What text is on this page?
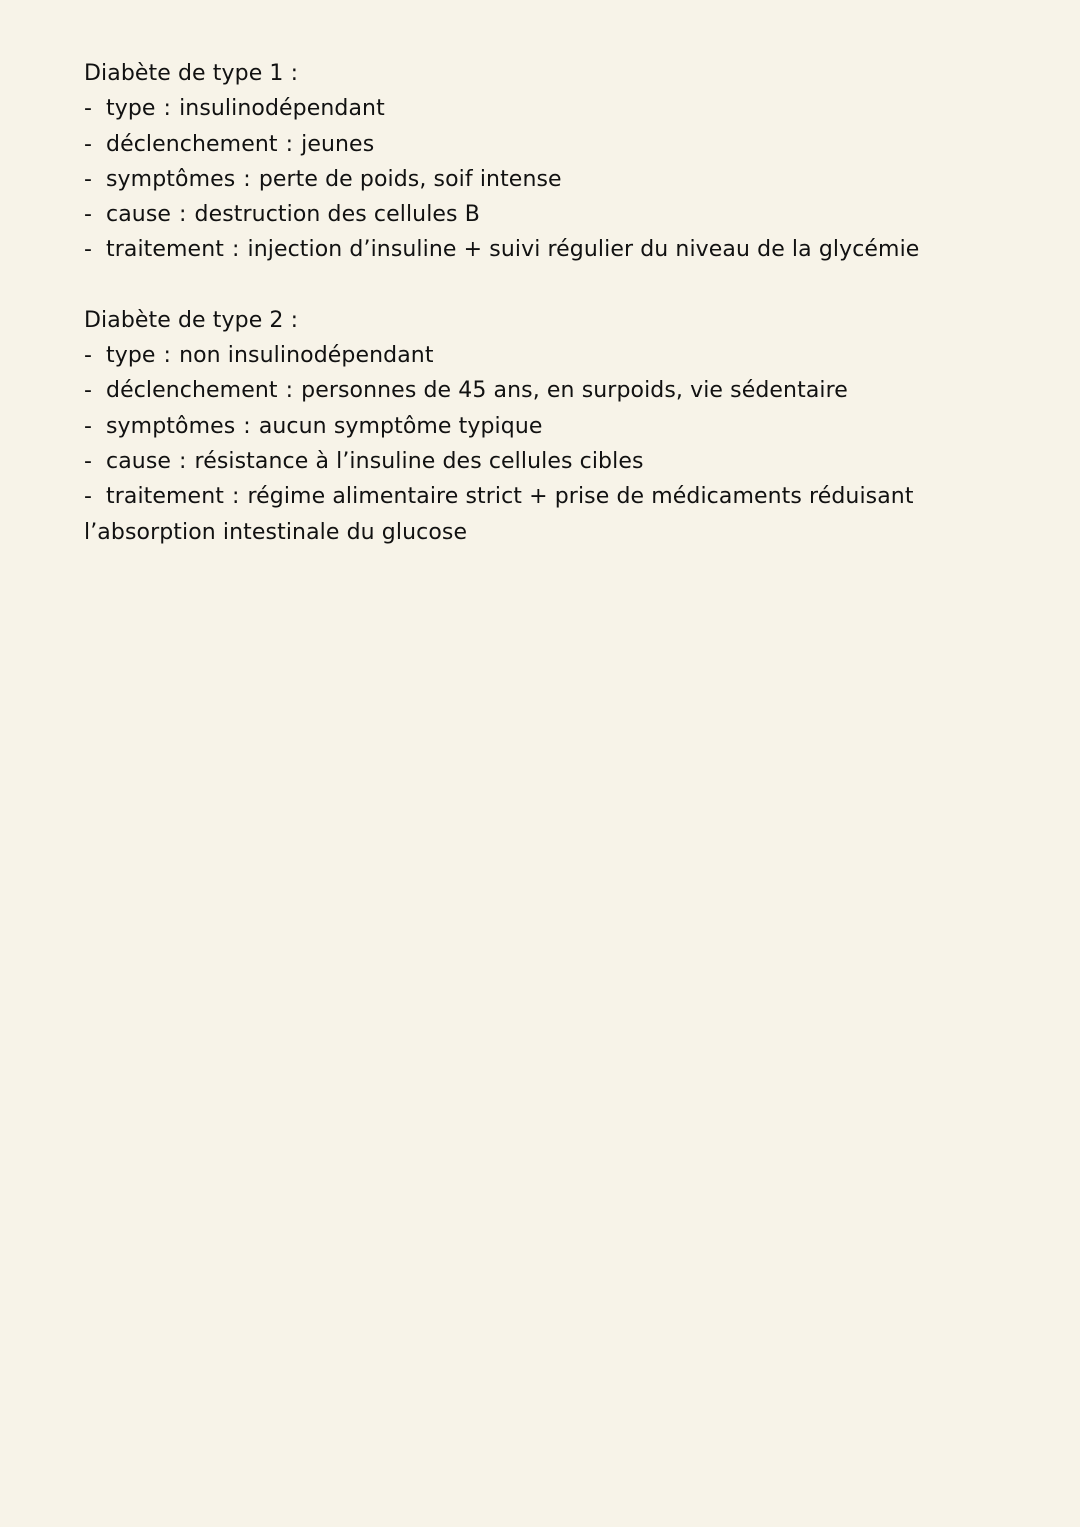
Diabète de type 1 :
- type : insulinodépendant
- déclenchement : jeunes
- symptômes : perte de poids, soif intense
- cause : destruction des cellules B
- traitement : injection d’insuline + suivi régulier du niveau de la glycémie
Diabète de type 2 :
- type : non insulinodépendant
- déclenchement : personnes de 45 ans, en surpoids, vie sédentaire
- symptômes : aucun symptôme typique
- cause : résistance à l’insuline des cellules cibles
- traitement : régime alimentaire strict + prise de médicaments réduisant
l’absorption intestinale du glucose
